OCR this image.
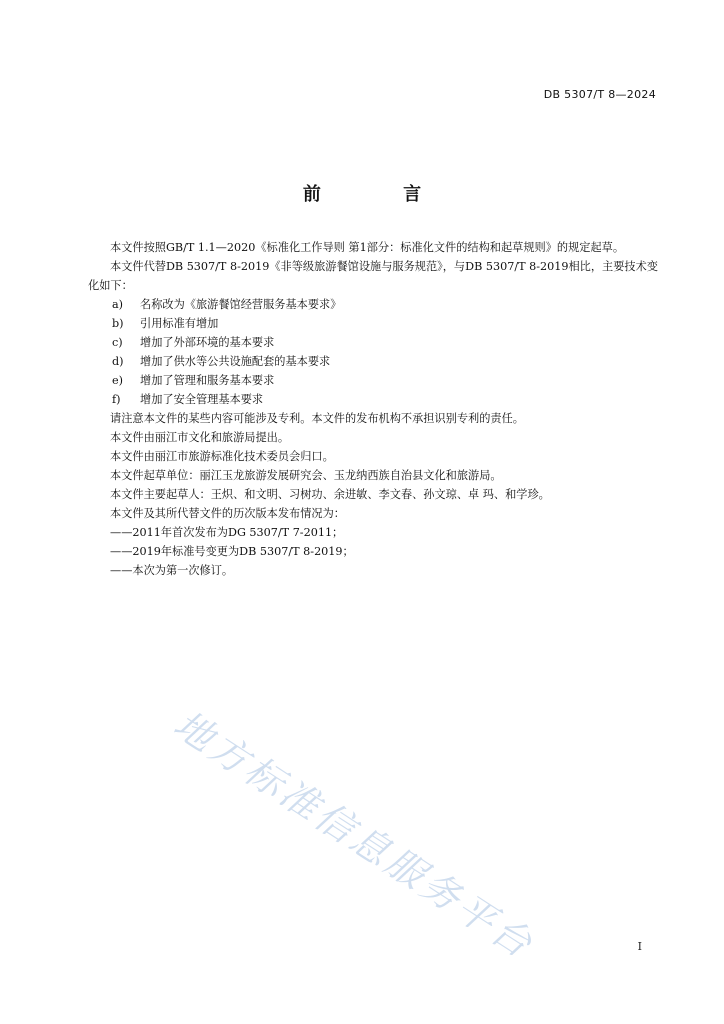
DB 5307/T 8—2024
前 言

本文件按照GB/T 1.1—2020《标准化工作导则 第1部分：标准化文件的结构和起草规则》的规定起草。

本文件代替DB 5307/T 8-2019《非等级旅游餐馆设施与服务规范》，与DB 5307/T 8-2019相比，主要技术变化如下：

a) 名称改为《旅游餐馆经营服务基本要求》

b) 引用标准有增加

c) 增加了外部环境的基本要求

d) 增加了供水等公共设施配套的基本要求

e) 增加了管理和服务基本要求

f) 增加了安全管理基本要求

请注意本文件的某些内容可能涉及专利。本文件的发布机构不承担识别专利的责任。

本文件由丽江市文化和旅游局提出。

本文件由丽江市旅游标准化技术委员会归口。

本文件起草单位：丽江玉龙旅游发展研究会、玉龙纳西族自治县文化和旅游局。

本文件主要起草人：王炽、和文明、习树功、余进敏、李文春、孙文琼、卓 玛、和学珍。

本文件及其所代替文件的历次版本发布情况为：

——2011年首次发布为DG 5307/T 7-2011；

——2019年标准号变更为DB 5307/T 8-2019；

——本次为第一次修订。

地方标准信息服务平台	I
